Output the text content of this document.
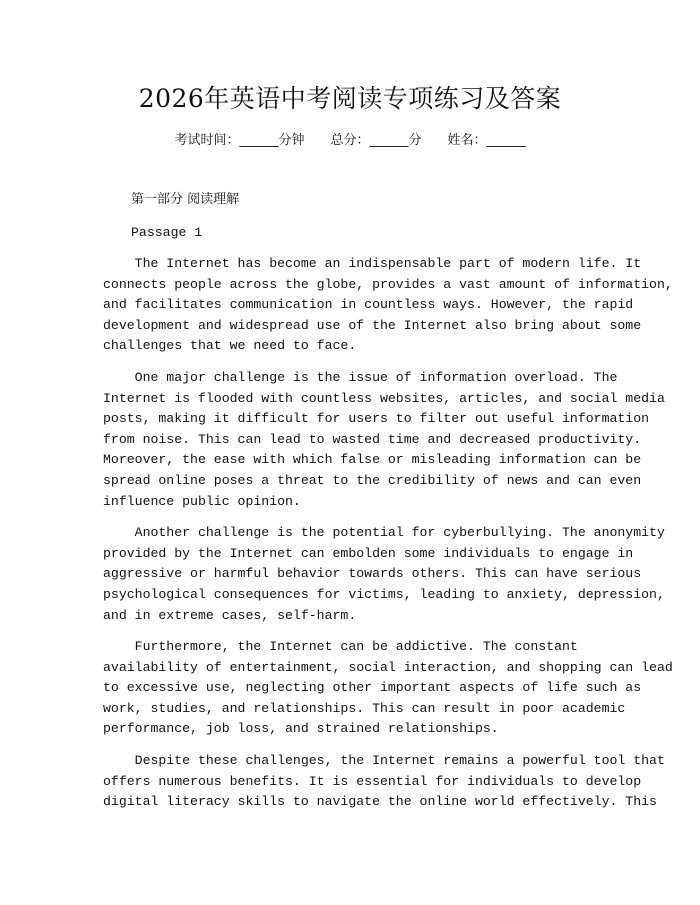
2026年英语中考阅读专项练习及答案
考试时间：______分钟 总分：______分 姓名：______
第一部分 阅读理解
Passage 1

The Internet has become an indispensable part of modern life. It
connects people across the globe, provides a vast amount of information,
and facilitates communication in countless ways. However, the rapid
development and widespread use of the Internet also bring about some
challenges that we need to face.

One major challenge is the issue of information overload. The
Internet is flooded with countless websites, articles, and social media
posts, making it difficult for users to filter out useful information
from noise. This can lead to wasted time and decreased productivity.
Moreover, the ease with which false or misleading information can be
spread online poses a threat to the credibility of news and can even
influence public opinion.

Another challenge is the potential for cyberbullying. The anonymity
provided by the Internet can embolden some individuals to engage in
aggressive or harmful behavior towards others. This can have serious
psychological consequences for victims, leading to anxiety, depression,
and in extreme cases, self-harm.

Furthermore, the Internet can be addictive. The constant
availability of entertainment, social interaction, and shopping can lead
to excessive use, neglecting other important aspects of life such as
work, studies, and relationships. This can result in poor academic
performance, job loss, and strained relationships.

Despite these challenges, the Internet remains a powerful tool that
offers numerous benefits. It is essential for individuals to develop
digital literacy skills to navigate the online world effectively. This
